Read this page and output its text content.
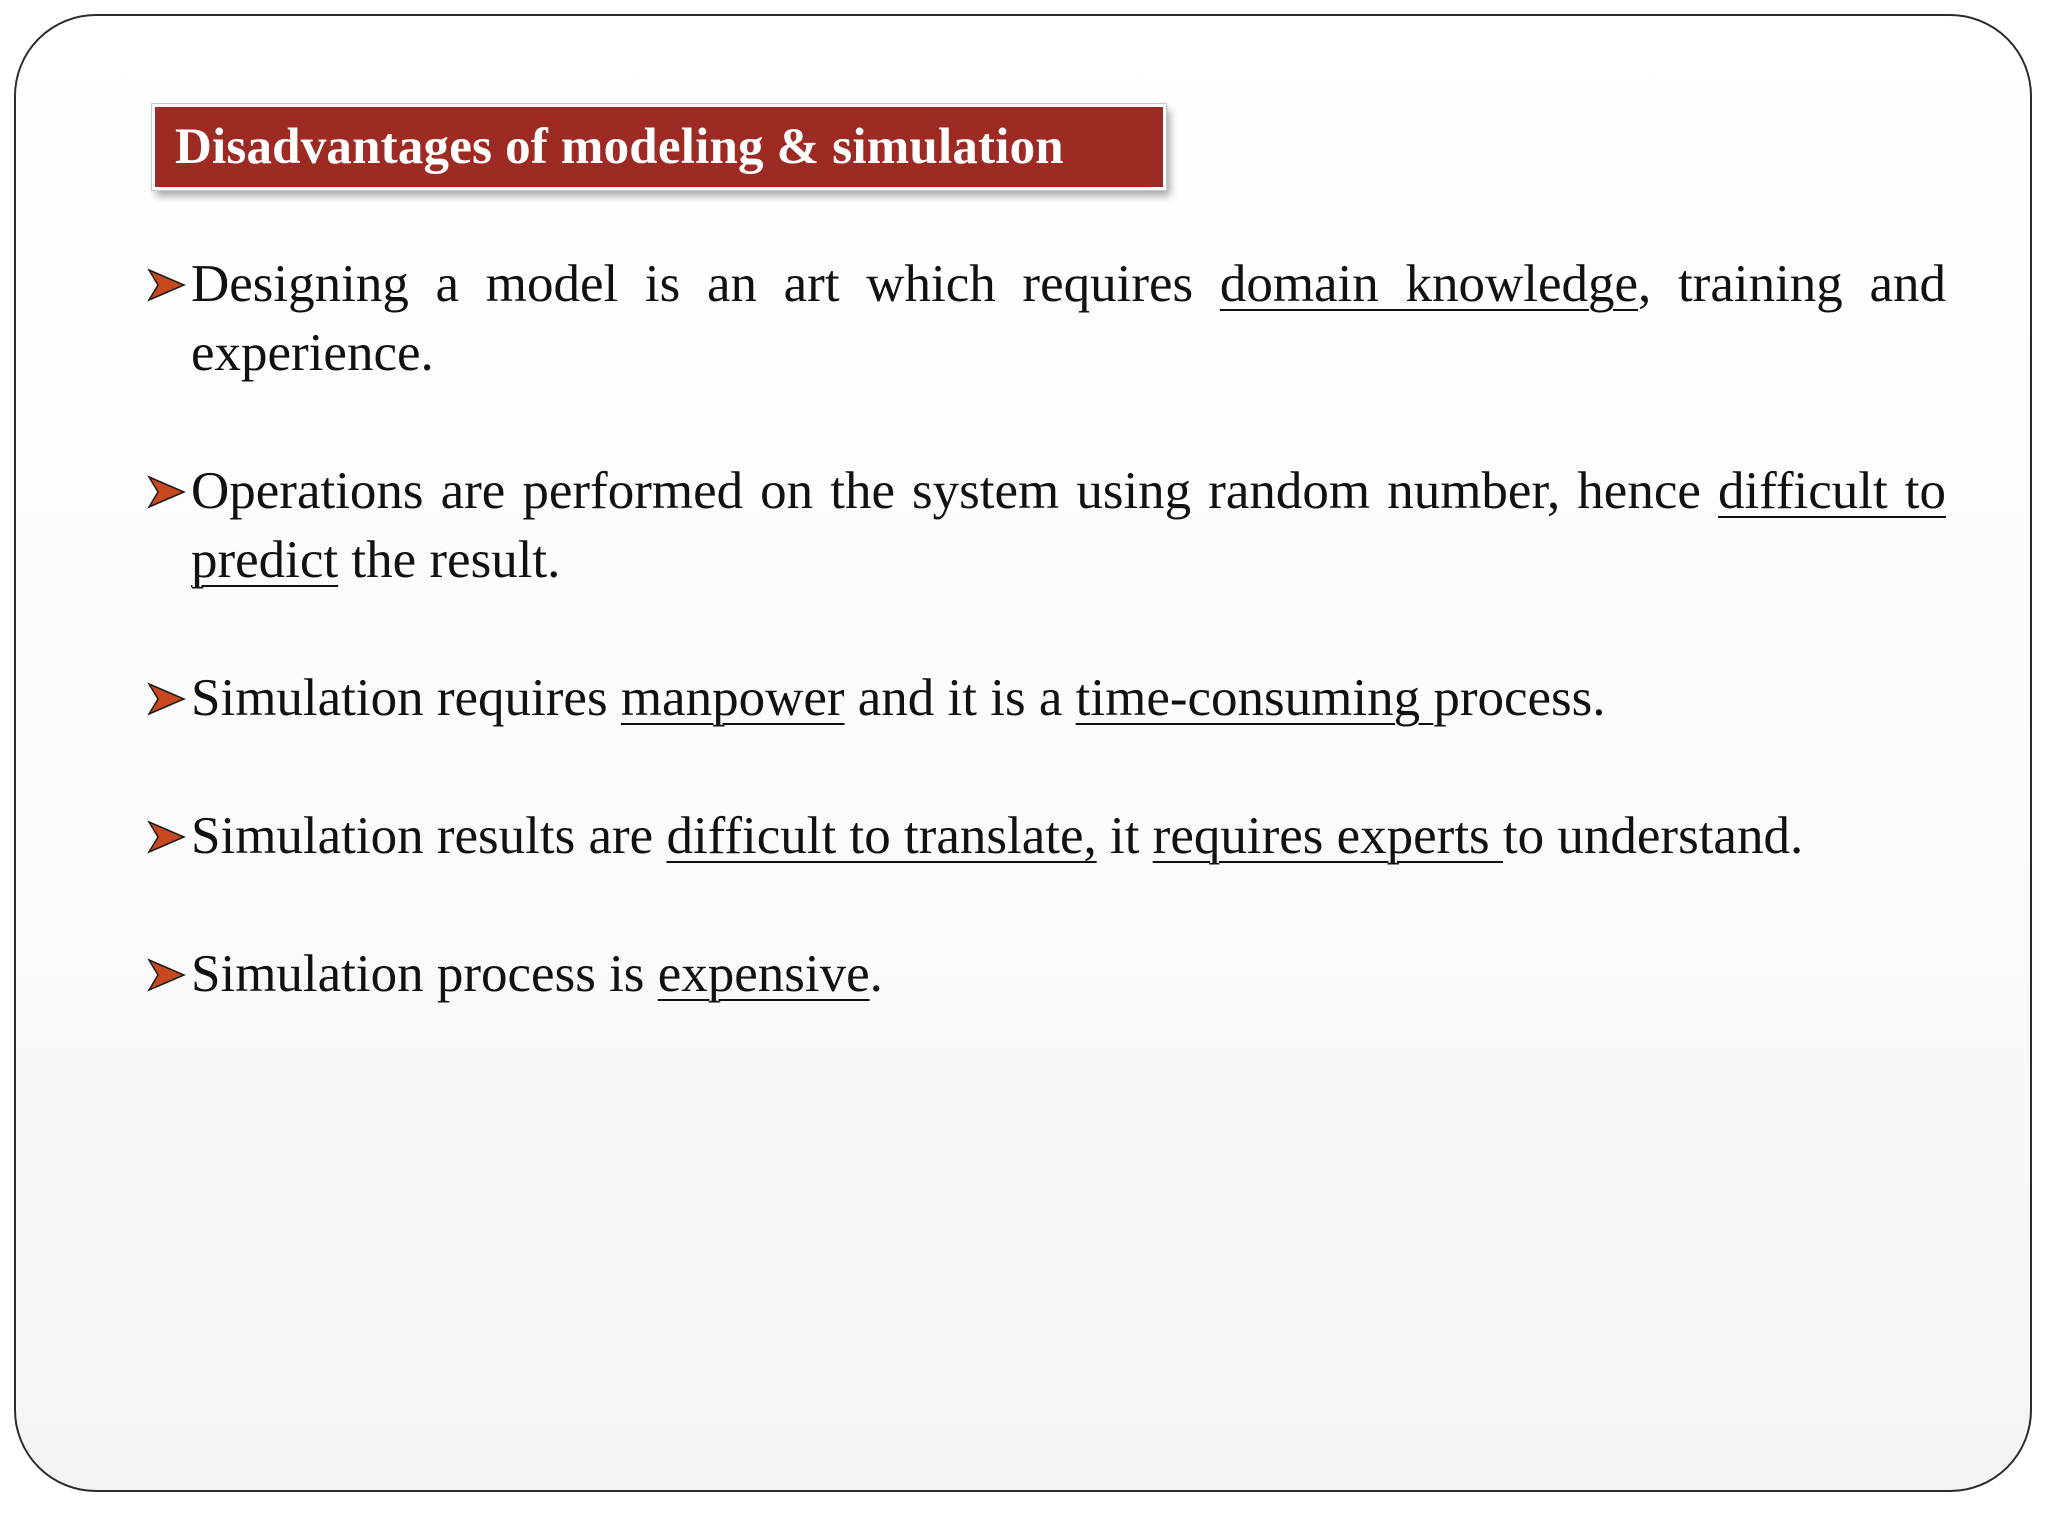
Disadvantages of modeling & simulation
Designing a model is an art which requires domain knowledge, training and experience.
Operations are performed on the system using random number, hence difficult to predict the result.
Simulation requires manpower and it is a time-consuming process.
Simulation results are difficult to translate, it requires experts to understand.
Simulation process is expensive.
